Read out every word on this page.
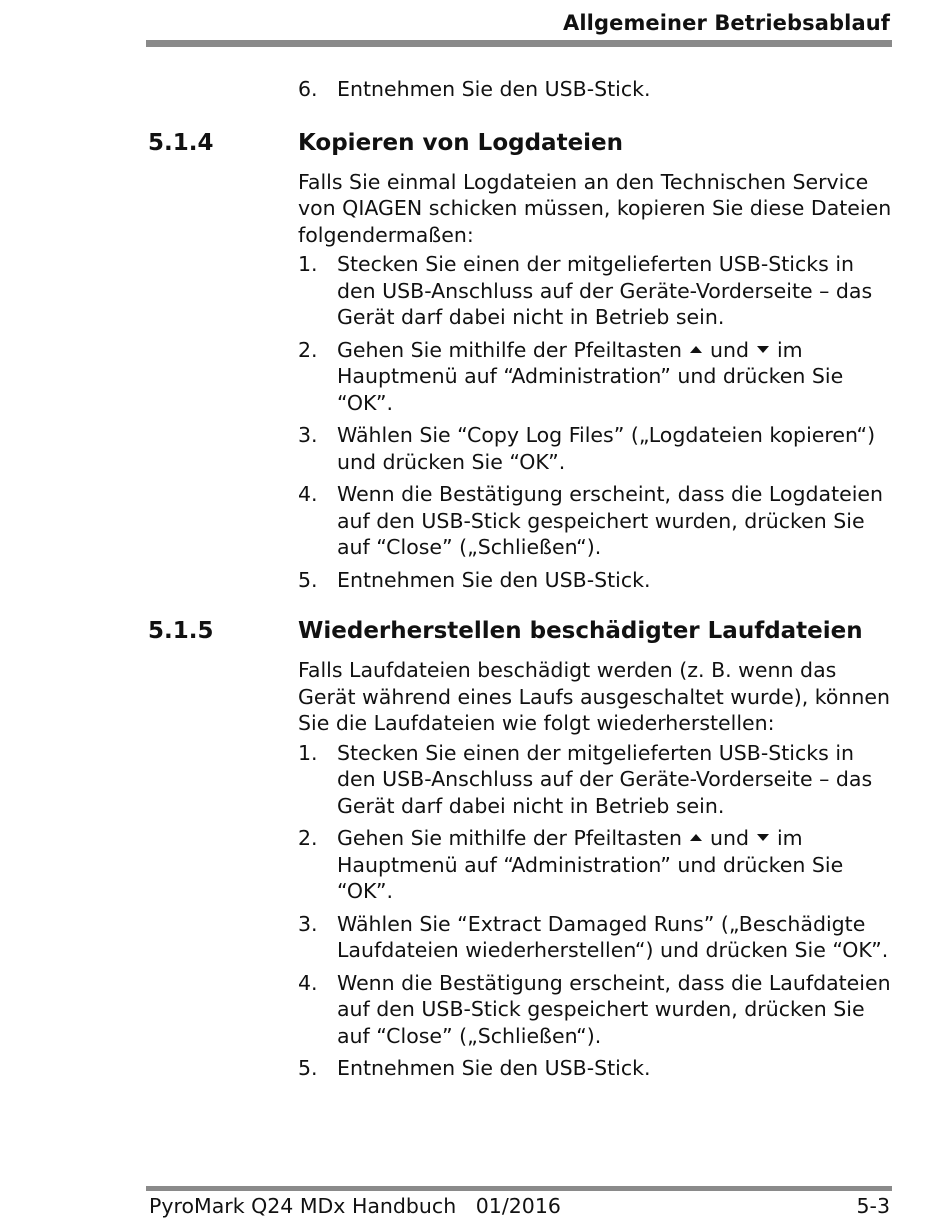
Allgemeiner Betriebsablauf
6. Entnehmen Sie den USB-Stick.
5.1.4	Kopieren von Logdateien

Falls Sie einmal Logdateien an den Technischen Service von QIAGEN schicken müssen, kopieren Sie diese Dateien folgendermaßen:

1. Stecken Sie einen der mitgelieferten USB-Sticks in den USB-Anschluss auf der Geräte-Vorderseite – das Gerät darf dabei nicht in Betrieb sein.
2. Gehen Sie mithilfe der Pfeiltasten und im Hauptmenü auf “Administration” und drücken Sie “OK”.
3. Wählen Sie “Copy Log Files” („Logdateien kopieren“) und drücken Sie “OK”.
4. Wenn die Bestätigung erscheint, dass die Logdateien auf den USB-Stick gespeichert wurden, drücken Sie auf “Close” („Schließen“).
5. Entnehmen Sie den USB-Stick.
5.1.5	Wiederherstellen beschädigter Laufdateien

Falls Laufdateien beschädigt werden (z. B. wenn das Gerät während eines Laufs ausgeschaltet wurde), können Sie die Laufdateien wie folgt wiederherstellen:

1. Stecken Sie einen der mitgelieferten USB-Sticks in den USB-Anschluss auf der Geräte-Vorderseite – das Gerät darf dabei nicht in Betrieb sein.
2. Gehen Sie mithilfe der Pfeiltasten und im Hauptmenü auf “Administration” und drücken Sie “OK”.
3. Wählen Sie “Extract Damaged Runs” („Beschädigte Laufdateien wiederherstellen“) und drücken Sie “OK”.
4. Wenn die Bestätigung erscheint, dass die Laufdateien auf den USB-Stick gespeichert wurden, drücken Sie auf “Close” („Schließen“).
5. Entnehmen Sie den USB-Stick.
PyroMark Q24 MDx Handbuch   01/2016	5-3
